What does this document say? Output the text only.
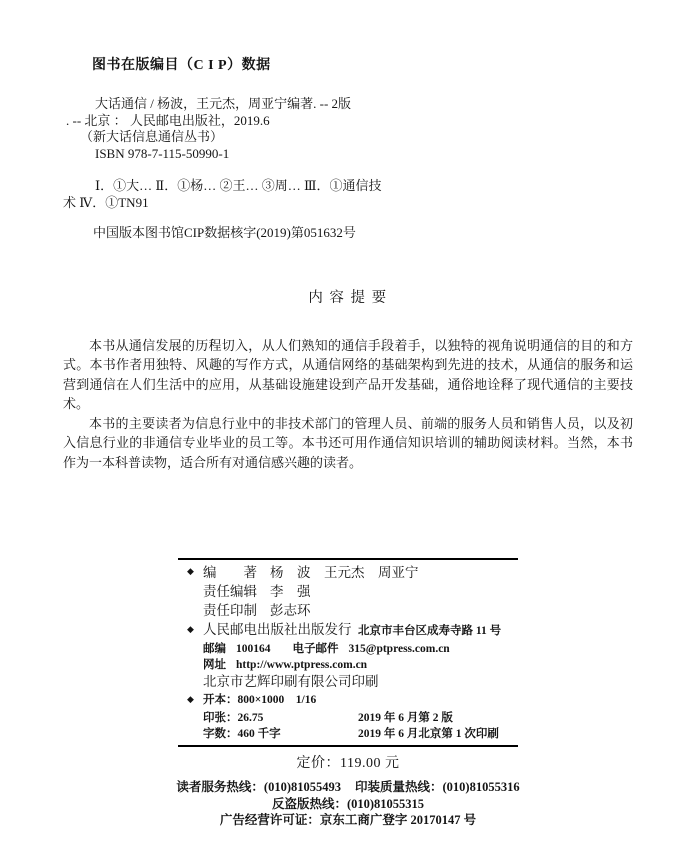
图书在版编目（C I P）数据
大话通信 / 杨波，王元杰，周亚宁编著. -- 2版
. -- 北京 ： 人民邮电出版社，2019.6
（新大话信息通信丛书）
ISBN 978-7-115-50990-1
Ⅰ．①大… Ⅱ．①杨… ②王… ③周… Ⅲ．①通信技
术 Ⅳ．①TN91
中国版本图书馆CIP数据核字(2019)第051632号
内 容 提 要

本书从通信发展的历程切入，从人们熟知的通信手段着手，以独特的视角说明通信的目的和方式。本书作者用独特、风趣的写作方式，从通信网络的基础架构到先进的技术，从通信的服务和运营到通信在人们生活中的应用，从基础设施建设到产品开发基础，通俗地诠释了现代通信的主要技术。

本书的主要读者为信息行业中的非技术部门的管理人员、前端的服务人员和销售人员，以及初入信息行业的非通信专业毕业的员工等。本书还可用作通信知识培训的辅助阅读材料。当然，本书作为一本科普读物，适合所有对通信感兴趣的读者。

◆ 编　　著 杨　波　王元杰　周亚宁
责任编辑 李　强
责任印制 彭志环
◆ 人民邮电出版社出版发行 北京市丰台区成寿寺路 11 号
邮编 100164 电子邮件 315@ptpress.com.cn
网址 http://www.ptpress.com.cn
北京市艺辉印刷有限公司印刷
◆ 开本：800×1000　1/16
印张：26.75	2019 年 6 月第 2 版
字数：460 千字	2019 年 6 月北京第 1 次印刷
定价：119.00 元
读者服务热线：(010)81055493 印装质量热线：(010)81055316
反盗版热线：(010)81055315
广告经营许可证：京东工商广登字 20170147 号
